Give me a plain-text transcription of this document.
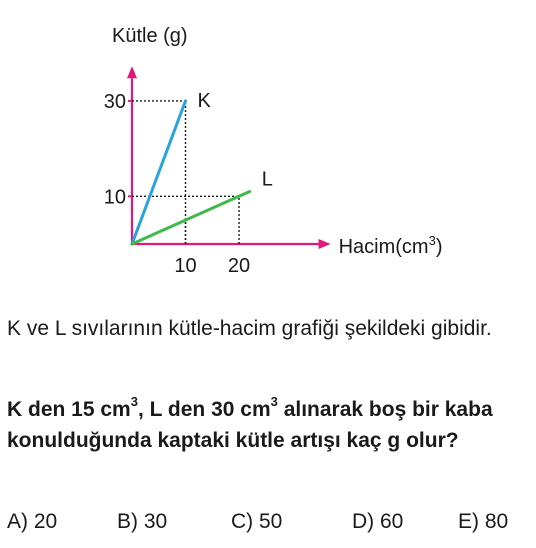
K
L
30
10
10 20
Kütle (g)
$Hacim(cm^3)$

K ve L sıvılarının kütle-hacim grafiği şekildeki gibidir.

K den 15 $cm^3$, L den 30 $cm^3$ alınarak boş bir kaba konulduğunda kaptaki kütle artışı kaç g olur?

A) 20	B) 30	C) 50	D) 60	E) 80
